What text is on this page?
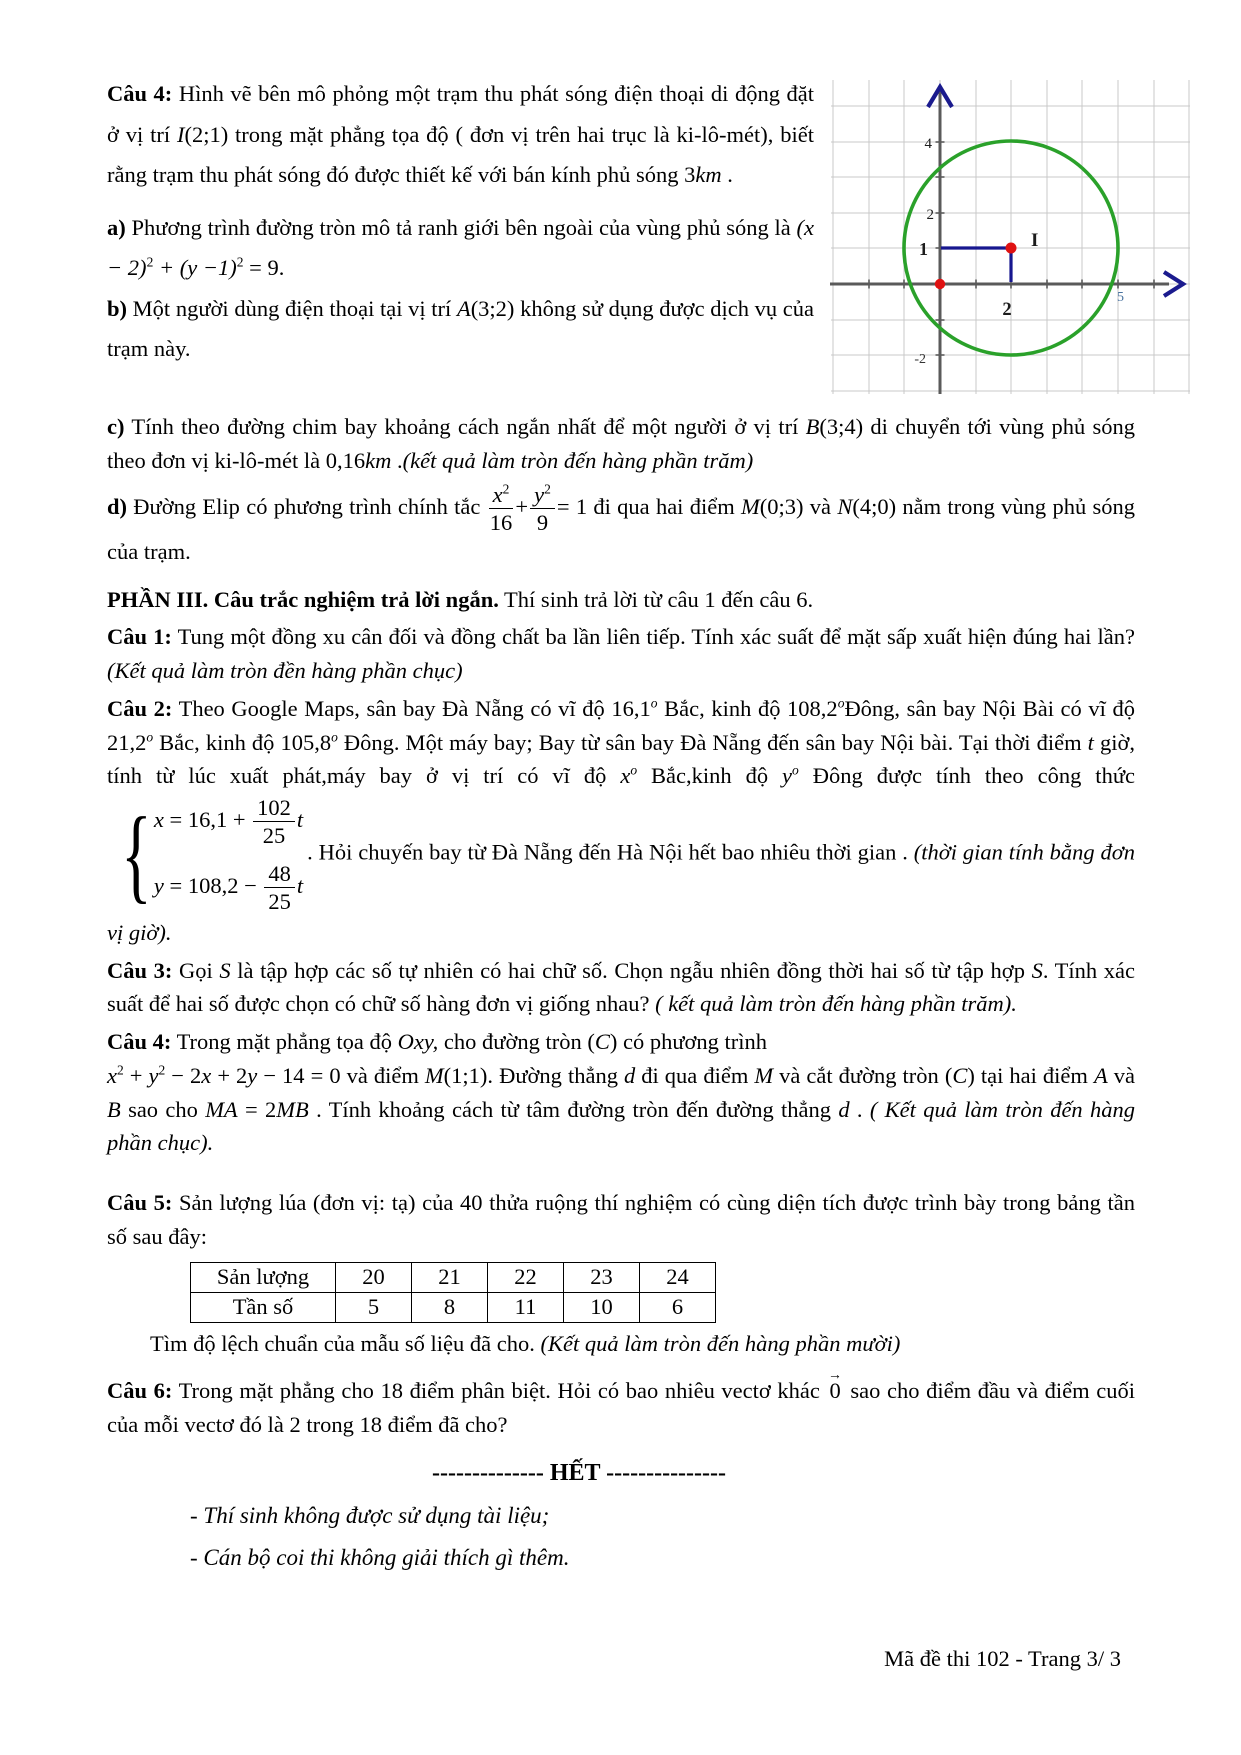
4
2
1
-2
2
5
I

Câu 4: Hình vẽ bên mô phỏng một trạm thu phát sóng điện thoại di động đặt ở vị trí I(2;1) trong mặt phẳng tọa độ ( đơn vị trên hai trục là ki-lô-mét), biết rằng trạm thu phát sóng đó được thiết kế với bán kính phủ sóng 3km .

a) Phương trình đường tròn mô tả ranh giới bên ngoài của vùng phủ sóng là $(x - 2)^2 + (y -1)^2 = 9$.

b) Một người dùng điện thoại tại vị trí A(3;2) không sử dụng được dịch vụ của trạm này.

c) Tính theo đường chim bay khoảng cách ngắn nhất để một người ở vị trí B(3;4) di chuyển tới vùng phủ sóng theo đơn vị ki-lô-mét là 0,16km .(kết quả làm tròn đến hàng phần trăm)

d) Đường Elip có phương trình chính tắc $\frac{x^2}{16} + \frac{y^2}{9} = 1$ đi qua hai điểm M(0;3) và N(4;0) nằm trong vùng phủ sóng của trạm.

PHẦN III. Câu trắc nghiệm trả lời ngắn. Thí sinh trả lời từ câu 1 đến câu 6.

Câu 1: Tung một đồng xu cân đối và đồng chất ba lần liên tiếp. Tính xác suất để mặt sấp xuất hiện đúng hai lần? (Kết quả làm tròn đền hàng phần chục)

Câu 2: Theo Google Maps, sân bay Đà Nẵng có vĩ độ 16,1$^o$ Bắc, kinh độ 108,2$^o$Đông, sân bay Nội Bài có vĩ độ 21,2$^o$ Bắc, kinh độ 105,8$^o$ Đông. Một máy bay; Bay từ sân bay Đà Nẵng đến sân bay Nội bài. Tại thời điểm t giờ, tính từ lúc xuất phát,máy bay ở vị trí có vĩ độ $x^o$ Bắc,kinh độ $y^o$ Đông được tính theo công thức
{ $x = 16,1 + \frac{102}{25}$ t
$y = 108,2 - \frac{48}{25}$ t
. Hỏi chuyến bay từ Đà Nẵng đến Hà Nội hết bao nhiêu thời gian . (thời gian tính bằng đơn vị giờ).

Câu 3: Gọi S là tập hợp các số tự nhiên có hai chữ số. Chọn ngẫu nhiên đồng thời hai số từ tập hợp S. Tính xác suất để hai số được chọn có chữ số hàng đơn vị giống nhau? ( kết quả làm tròn đến hàng phần trăm).

Câu 4: Trong mặt phẳng tọa độ Oxy, cho đường tròn (C) có phương trình
$x^2 + y^2 - 2x + 2y - 14 = 0$ và điểm M(1;1). Đường thẳng d đi qua điểm M và cắt đường tròn (C) tại hai điểm A và B sao cho MA = 2MB . Tính khoảng cách từ tâm đường tròn đến đường thẳng d . ( Kết quả làm tròn đến hàng phần chục).

Câu 5: Sản lượng lúa (đơn vị: tạ) của 40 thửa ruộng thí nghiệm có cùng diện tích được trình bày trong bảng tần số sau đây:

Sản lượng	20	21	22	23	24
Tần số	5	8	11	10	6

Tìm độ lệch chuẩn của mẫu số liệu đã cho. (Kết quả làm tròn đến hàng phần mười)

Câu 6: Trong mặt phẳng cho 18 điểm phân biệt. Hỏi có bao nhiêu vectơ khác
→
0 sao cho điểm đầu và điểm cuối của mỗi vectơ đó là 2 trong 18 điểm đã cho?

-------------- HẾT ---------------
- Thí sinh không được sử dụng tài liệu;
- Cán bộ coi thi không giải thích gì thêm.
Mã đề thi 102 - Trang 3/ 3
